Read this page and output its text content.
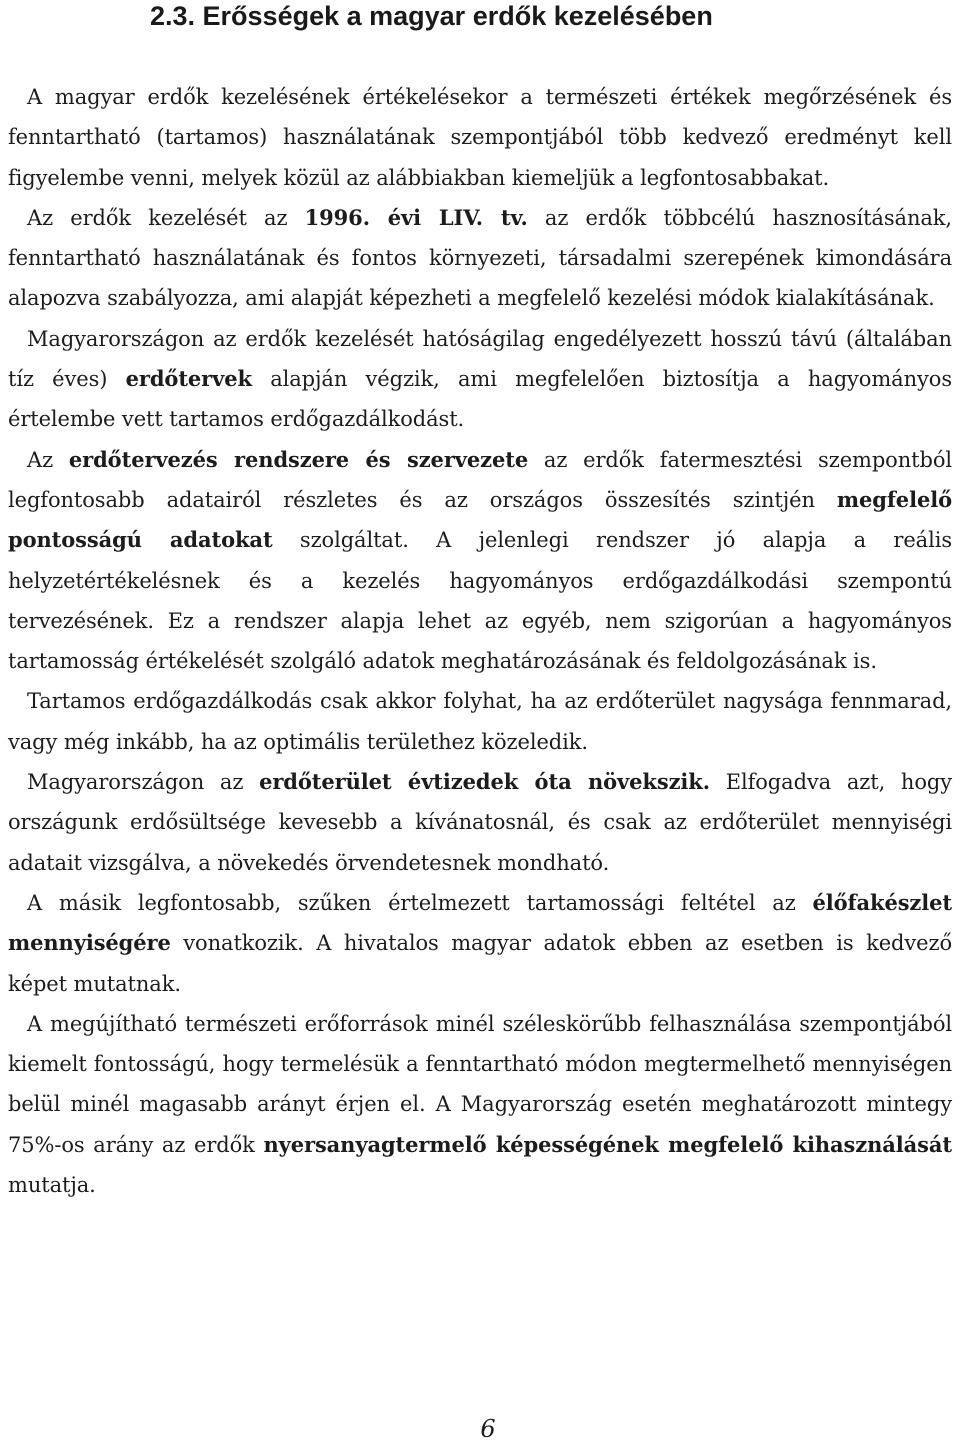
2.3. Erősségek a magyar erdők kezelésében

A magyar erdők kezelésének értékelésekor a természeti értékek megőrzésének és fenntartható (tartamos) használatának szempontjából több kedvező eredményt kell figyelembe venni, melyek közül az alábbiakban kiemeljük a legfontosabbakat.

Az erdők kezelését az 1996. évi LIV. tv. az erdők többcélú hasznosításának, fenntartható használatának és fontos környezeti, társadalmi szerepének kimondására alapozva szabályozza, ami alapját képezheti a megfelelő kezelési módok kialakításának.

Magyarországon az erdők kezelését hatóságilag engedélyezett hosszú távú (általában tíz éves) erdőtervek alapján végzik, ami megfelelően biztosítja a hagyományos értelembe vett tartamos erdőgazdálkodást.

Az erdőtervezés rendszere és szervezete az erdők fatermesztési szempontból legfontosabb adatairól részletes és az országos összesítés szintjén megfelelő pontosságú adatokat szolgáltat. A jelenlegi rendszer jó alapja a reális helyzetértékelésnek és a kezelés hagyományos erdőgazdálkodási szempontú tervezésének. Ez a rendszer alapja lehet az egyéb, nem szigorúan a hagyományos tartamosság értékelését szolgáló adatok meghatározásának és feldolgozásának is.

Tartamos erdőgazdálkodás csak akkor folyhat, ha az erdőterület nagysága fennmarad, vagy még inkább, ha az optimális területhez közeledik.

Magyarországon az erdőterület évtizedek óta növekszik. Elfogadva azt, hogy országunk erdősültsége kevesebb a kívánatosnál, és csak az erdőterület mennyiségi adatait vizsgálva, a növekedés örvendetesnek mondható.

A másik legfontosabb, szűken értelmezett tartamossági feltétel az élőfakészlet mennyiségére vonatkozik. A hivatalos magyar adatok ebben az esetben is kedvező képet mutatnak.

A megújítható természeti erőforrások minél széleskörűbb felhasználása szempontjából kiemelt fontosságú, hogy termelésük a fenntartható módon megtermelhető mennyiségen belül minél magasabb arányt érjen el. A Magyarország esetén meghatározott mintegy 75%-os arány az erdők nyersanyagtermelő képességének megfelelő kihasználását mutatja.

6
